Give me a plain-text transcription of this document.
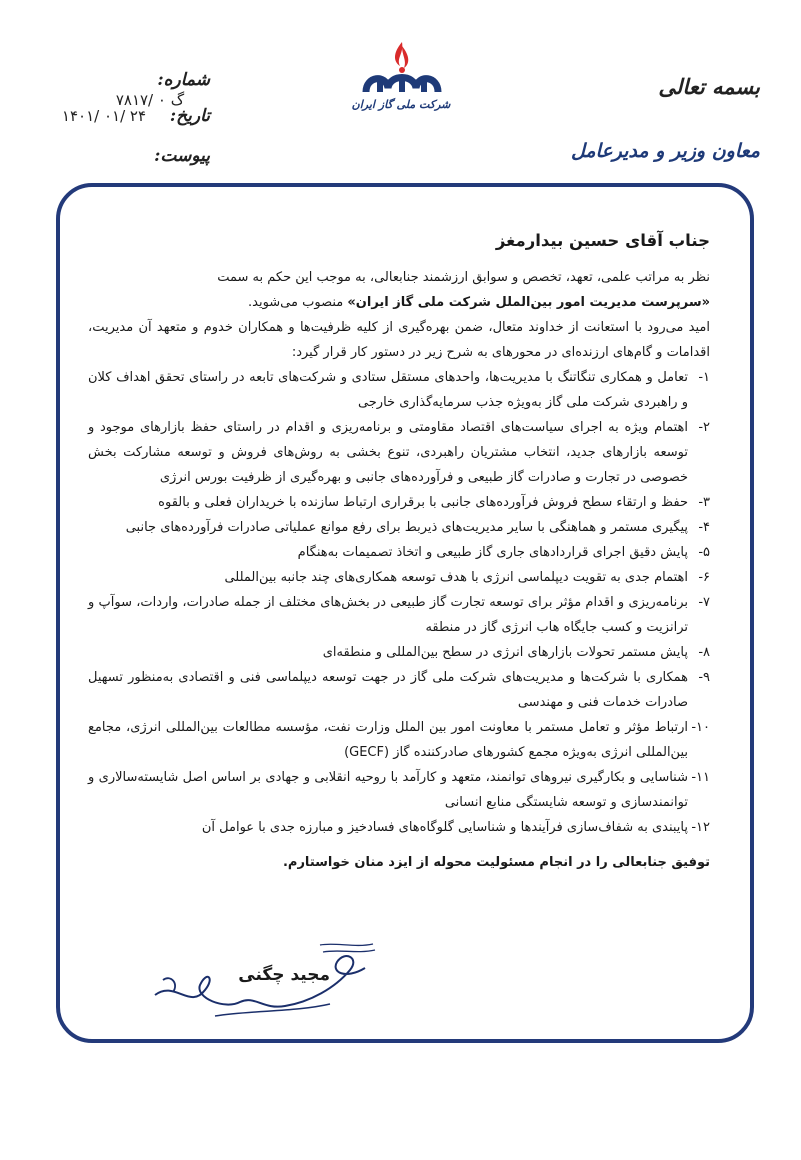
بسمه تعالی
معاون وزیر و مدیرعامل
شماره: ۷۸۱۷/ گ ۰
تاریخ: ۱۴۰۱/ ۰۱/ ۲۴
پیوست:
شرکت ملی گاز ایران
جناب آقای حسین بیدارمغز

نظر به مراتب علمی، تعهد، تخصص و سوابق ارزشمند جنابعالی، به موجب این حکم به سمت

«سرپرست مدیریت امور بین‌الملل شرکت ملی گاز ایران» منصوب می‌شوید.

امید می‌رود با استعانت از خداوند متعال، ضمن بهره‌گیری از کلیه ظرفیت‌ها و همکاران خدوم و متعهد آن مدیریت، اقدامات و گام‌های ارزنده‌ای در محورهای به شرح زیر در دستور کار قرار گیرد:

۱-
تعامل و همکاری تنگاتنگ با مدیریت‌ها، واحدهای مستقل ستادی و شرکت‌های تابعه در راستای تحقق اهداف کلان و راهبردی شرکت ملی گاز به‌ویژه جذب سرمایه‌گذاری خارجی
۲-
اهتمام ویژه به اجرای سیاست‌های اقتصاد مقاومتی و برنامه‌ریزی و اقدام در راستای حفظ بازارهای موجود و توسعه بازارهای جدید، انتخاب مشتریان راهبردی، تنوع بخشی به روش‌های فروش و توسعه مشارکت بخش خصوصی در تجارت و صادرات گاز طبیعی و فرآورده‌های جانبی و بهره‌گیری از ظرفیت بورس انرژی
۳-
حفظ و ارتقاء سطح فروش فرآورده‌های جانبی با برقراری ارتباط سازنده با خریداران فعلی و بالقوه
۴-
پیگیری مستمر و هماهنگی با سایر مدیریت‌های ذیربط برای رفع موانع عملیاتی صادرات فرآورده‌های جانبی
۵-
پایش دقیق اجرای قراردادهای جاری گاز طبیعی و اتخاذ تصمیمات به‌هنگام
۶-
اهتمام جدی به تقویت دیپلماسی انرژی با هدف توسعه همکاری‌های چند جانبه بین‌المللی
۷-
برنامه‌ریزی و اقدام مؤثر برای توسعه تجارت گاز طبیعی در بخش‌های مختلف از جمله صادرات، واردات، سوآپ و ترانزیت و کسب جایگاه هاب انرژی گاز در منطقه
۸-
پایش مستمر تحولات بازارهای انرژی در سطح بین‌المللی و منطقه‌ای
۹-
همکاری با شرکت‌ها و مدیریت‌های شرکت ملی گاز در جهت توسعه دیپلماسی فنی و اقتصادی به‌منظور تسهیل صادرات خدمات فنی و مهندسی
۱۰-
ارتباط مؤثر و تعامل مستمر با معاونت امور بین الملل وزارت نفت، مؤسسه مطالعات بین‌المللی انرژی، مجامع بین‌المللی انرژی به‌ویژه مجمع کشورهای صادرکننده گاز (GECF)
۱۱-
شناسایی و بکارگیری نیروهای توانمند، متعهد و کارآمد با روحیه انقلابی و جهادی بر اساس اصل شایسته‌سالاری و توانمندسازی و توسعه شایستگی منابع انسانی
۱۲-
پایبندی به شفاف‌سازی فرآیندها و شناسایی گلوگاه‌های فسادخیز و مبارزه جدی با عوامل آن

توفیق جنابعالی را در انجام مسئولیت محوله از ایزد منان خواستارم.

مجید چگنی
